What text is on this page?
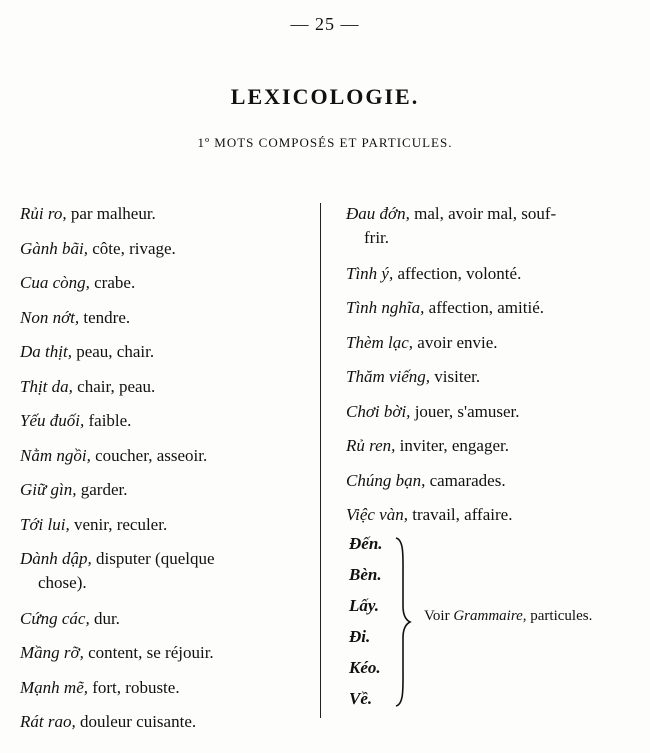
— 25 —
LEXICOLOGIE.
1º MOTS COMPOSÉS ET PARTICULES.
Rủi ro, par malheur.
Gành bãi, côte, rivage.
Cua còng, crabe.
Non nớt, tendre.
Da thịt, peau, chair.
Thịt da, chair, peau.
Yếu đuối, faible.
Nằm ngồi, coucher, asseoir.
Giữ gìn, garder.
Tới lui, venir, reculer.
Dành dập, disputer (quelque
chose).
Cứng các, dur.
Mầng rỡ, content, se réjouir.
Mạnh mẽ, fort, robuste.
Rát rao, douleur cuisante.
Đau đớn, mal, avoir mal, souf-
frir.
Tình ý, affection, volonté.
Tình nghĩa, affection, amitié.
Thèm lạc, avoir envie.
Thăm viếng, visiter.
Chơi bời, jouer, s'amuser.
Rủ ren, inviter, engager.
Chúng bạn, camarades.
Việc vàn, travail, affaire.
Đến.
Bèn.
Lấy.
Đi.
Kéo.
Về.
Voir Grammaire, particules.
